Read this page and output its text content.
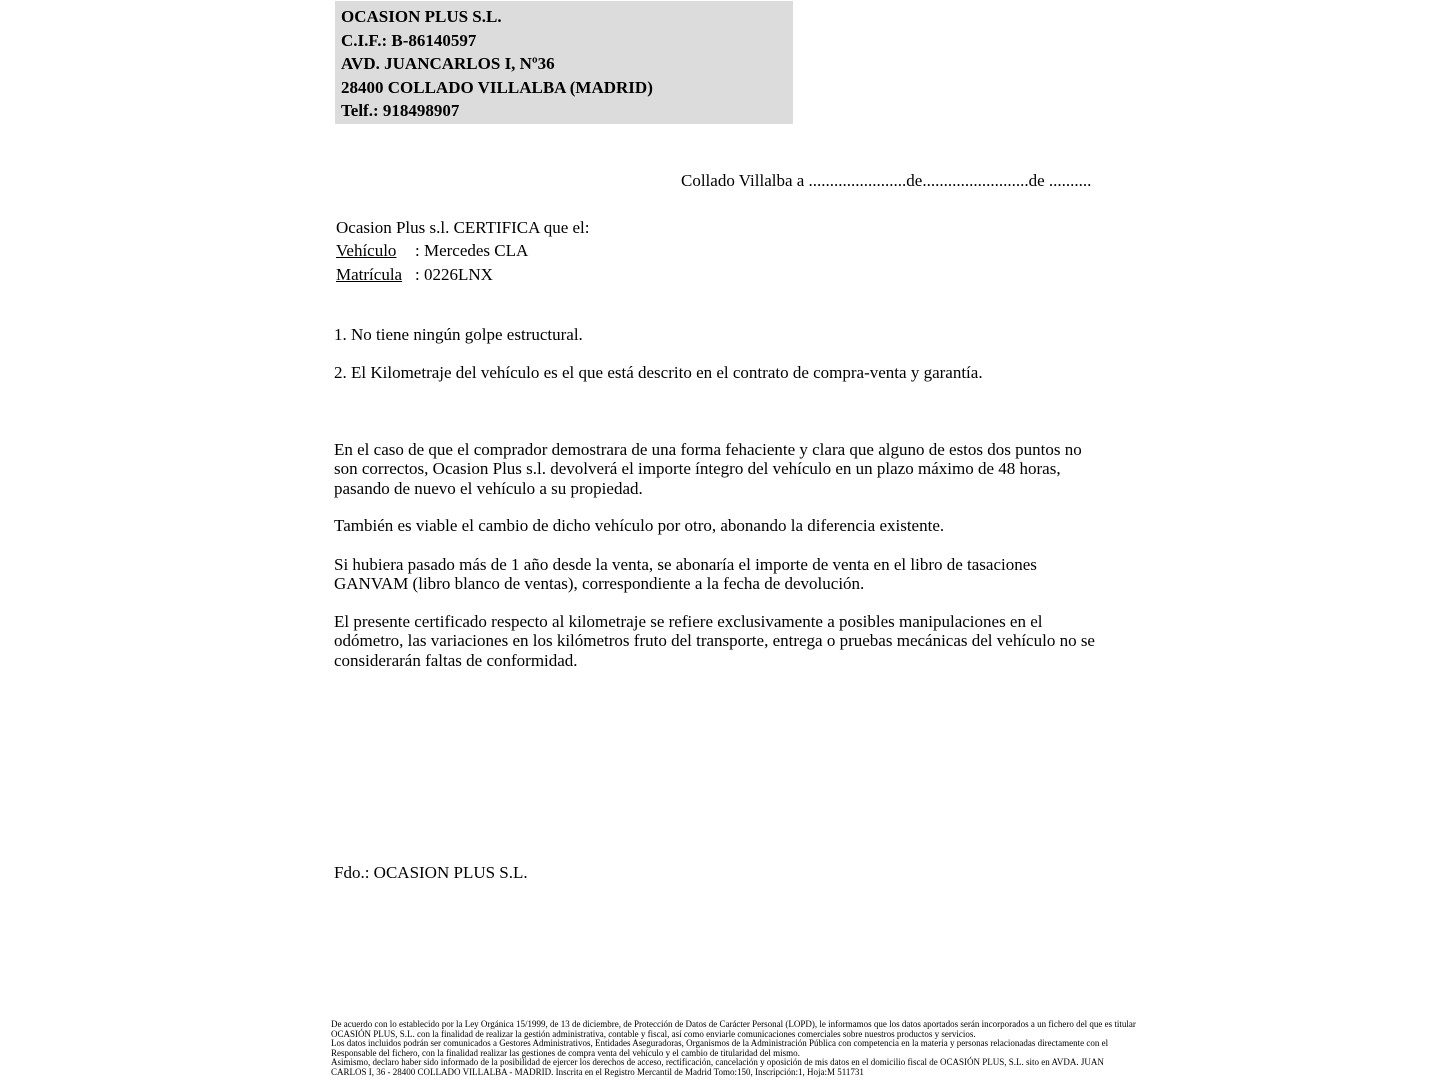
OCASION PLUS S.L.
C.I.F.: B-86140597
AVD. JUANCARLOS I, Nº36
28400 COLLADO VILLALBA (MADRID)
Telf.: 918498907
Collado Villalba a .......................de.........................de ..........
Ocasion Plus s.l. CERTIFICA que el:
Vehículo : Mercedes CLA
Matrícula : 0226LNX
1. No tiene ningún golpe estructural.
2. El Kilometraje del vehículo es el que está descrito en el contrato de compra-venta y garantía.
En el caso de que el comprador demostrara de una forma fehaciente y clara que alguno de estos dos puntos no son correctos, Ocasion Plus s.l. devolverá el importe íntegro del vehículo en un plazo máximo de 48 horas, pasando de nuevo el vehículo a su propiedad.
También es viable el cambio de dicho vehículo por otro, abonando la diferencia existente.
Si hubiera pasado más de 1 año desde la venta, se abonaría el importe de venta en el libro de tasaciones GANVAM (libro blanco de ventas), correspondiente a la fecha de devolución.
El presente certificado respecto al kilometraje se refiere exclusivamente a posibles manipulaciones en el odómetro, las variaciones en los kilómetros fruto del transporte, entrega o pruebas mecánicas del vehículo no se considerarán faltas de conformidad.
Fdo.: OCASION PLUS S.L.
De acuerdo con lo establecido por la Ley Orgánica 15/1999, de 13 de diciembre, de Protección de Datos de Carácter Personal (LOPD), le informamos que los datos aportados serán incorporados a un fichero del que es titular
OCASIÓN PLUS, S.L. con la finalidad de realizar la gestión administrativa, contable y fiscal, así como enviarle comunicaciones comerciales sobre nuestros productos y servicios.
Los datos incluidos podrán ser comunicados a Gestores Administrativos, Entidades Aseguradoras, Organismos de la Administración Pública con competencia en la materia y personas relacionadas directamente con el
Responsable del fichero, con la finalidad realizar las gestiones de compra venta del vehículo y el cambio de titularidad del mismo.
Asimismo, declaro haber sido informado de la posibilidad de ejercer los derechos de acceso, rectificación, cancelación y oposición de mis datos en el domicilio fiscal de OCASIÓN PLUS, S.L. sito en AVDA. JUAN
CARLOS I, 36 - 28400 COLLADO VILLALBA - MADRID. Inscrita en el Registro Mercantil de Madrid Tomo:150, Inscripción:1, Hoja:M 511731
